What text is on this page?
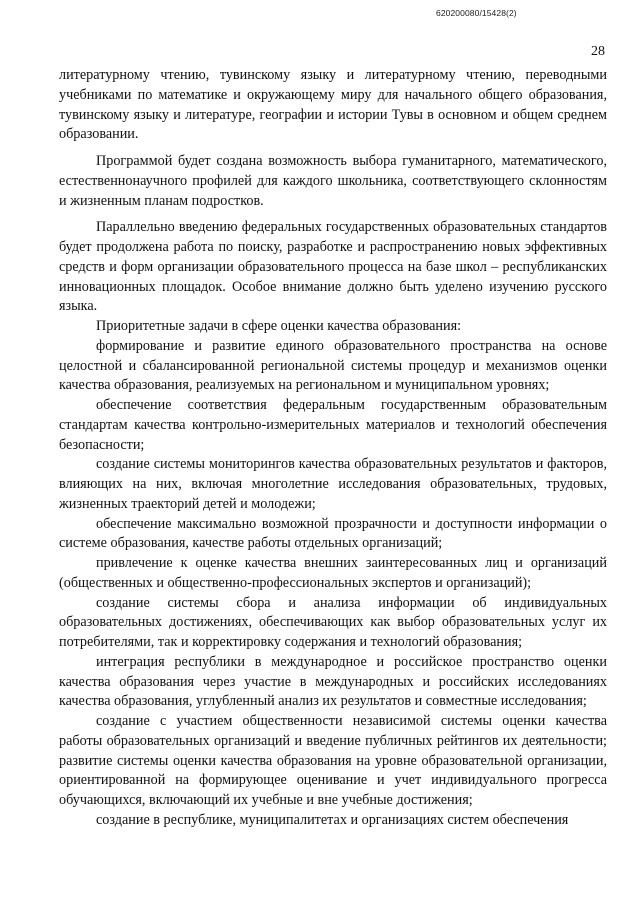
620200080/15428(2)
28

литературному чтению, тувинскому языку и литературному чтению, переводными учебниками по математике и окружающему миру для начального общего образования, тувинскому языку и литературе, географии и истории Тувы в основном и общем среднем образовании.

Программой будет создана возможность выбора гуманитарного, математического, естественнонаучного профилей для каждого школьника, соответствующего склонностям и жизненным планам подростков.

Параллельно введению федеральных государственных образовательных стандартов будет продолжена работа по поиску, разработке и распространению новых эффективных средств и форм организации образовательного процесса на базе школ – республиканских инновационных площадок. Особое внимание должно быть уделено изучению русского языка.

Приоритетные задачи в сфере оценки качества образования:

формирование и развитие единого образовательного пространства на основе целостной и сбалансированной региональной системы процедур и механизмов оценки качества образования, реализуемых на региональном и муниципальном уровнях;

обеспечение соответствия федеральным государственным образовательным стандартам качества контрольно-измерительных материалов и технологий обеспечения безопасности;

создание системы мониторингов качества образовательных результатов и факторов, влияющих на них, включая многолетние исследования образовательных, трудовых, жизненных траекторий детей и молодежи;

обеспечение максимально возможной прозрачности и доступности информации о системе образования, качестве работы отдельных организаций;

привлечение к оценке качества внешних заинтересованных лиц и организаций (общественных и общественно-профессиональных экспертов и организаций);

создание системы сбора и анализа информации об индивидуальных образовательных достижениях, обеспечивающих как выбор образовательных услуг их потребителями, так и корректировку содержания и технологий образования;

интеграция республики в международное и российское пространство оценки качества образования через участие в международных и российских исследованиях качества образования, углубленный анализ их результатов и совместные исследования;

создание с участием общественности независимой системы оценки качества работы образовательных организаций и введение публичных рейтингов их деятельности; развитие системы оценки качества образования на уровне образовательной организации, ориентированной на формирующее оценивание и учет индивидуального прогресса обучающихся, включающий их учебные и вне учебные достижения;

создание в республике, муниципалитетах и организациях систем обеспечения
